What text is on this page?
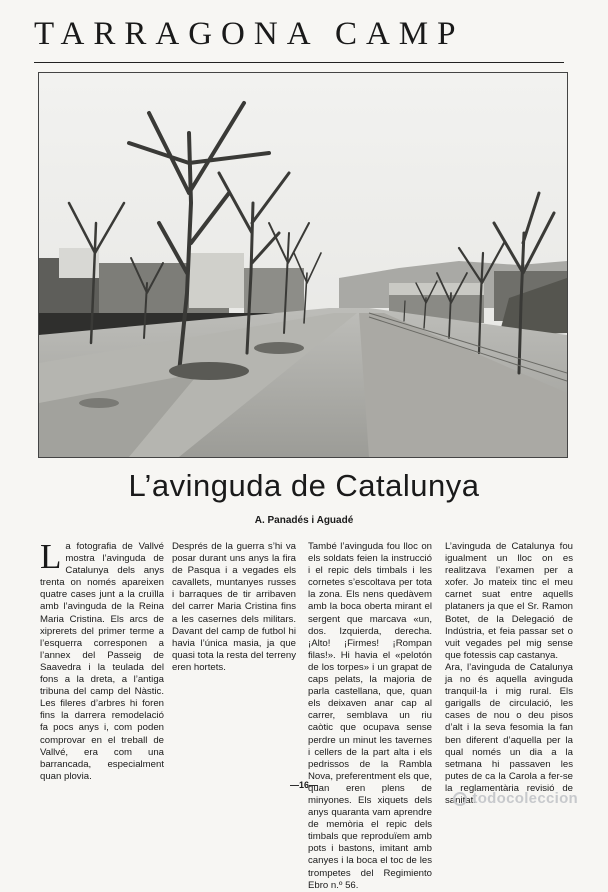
TARRAGONA CAMP
L’avinguda de Catalunya
A. Panadés i Aguadé
L a fotografia de Vallvé mostra l’avinguda de Catalunya dels anys trenta on només apareixen quatre cases junt a la cruïlla amb l’avinguda de la Reina Maria Cristina. Els arcs de xiprerets del primer terme a l’esquerra corresponen a l’annex del Passeig de Saavedra i la teulada del fons a la dreta, a l’antiga tribuna del camp del Nàstic. Les fileres d’arbres hi foren fins la darrera remodelació fa pocs anys i, com poden comprovar en el treball de Vallvé, era com una barrancada, especialment quan plovia.

Després de la guerra s’hi va posar durant uns anys la fira de Pasqua i a vegades els cavallets, muntanyes russes i barraques de tir arribaven del carrer Maria Cristina fins a les casernes dels militars. Davant del camp de futbol hi havia l’única masia, ja que quasi tota la resta del terreny eren hortets.

També l’avinguda fou lloc on els soldats feien la instrucció i el repic dels timbals i les cornetes s’escoltava per tota la zona. Els nens quedàvem amb la boca oberta mirant el sergent que marcava «un, dos. Izquierda, derecha. ¡Alto! ¡Firmes! ¡Rompan filas!». Hi havia el «pelotón de los torpes» i un grapat de caps pelats, la majoria de parla castellana, que, quan els deixaven anar cap al carrer, semblava un riu caòtic que ocupava sense perdre un minut les tavernes i cellers de la part alta i els pedrissos de la Rambla Nova, preferentment els que, quan eren plens de minyones. Els xiquets dels anys quaranta vam aprendre de memòria el repic dels timbals que reproduïem amb pots i bastons, imitant amb canyes i la boca el toc de les trompetes del Regimiento Ebro n.º 56.

L’avinguda de Catalunya fou igualment un lloc on es realitzava l’examen per a xofer. Jo mateix tinc el meu carnet suat entre aquells plataners ja que el Sr. Ramon Botet, de la Delegació de Indústria, et feia passar set o vuit vegades pel mig sense que fotessis cap castanya.

Ara, l’avinguda de Catalunya ja no és aquella avinguda tranquil·la i mig rural. Els garigalls de circulació, les cases de nou o deu pisos d’alt i la seva fesomia la fan ben diferent d’aquella per la qual només un dia a la setmana hi passaven les putes de ca la Carola a fer-se la reglamentària revisió de sanitat.

—16—
todocoleccion
